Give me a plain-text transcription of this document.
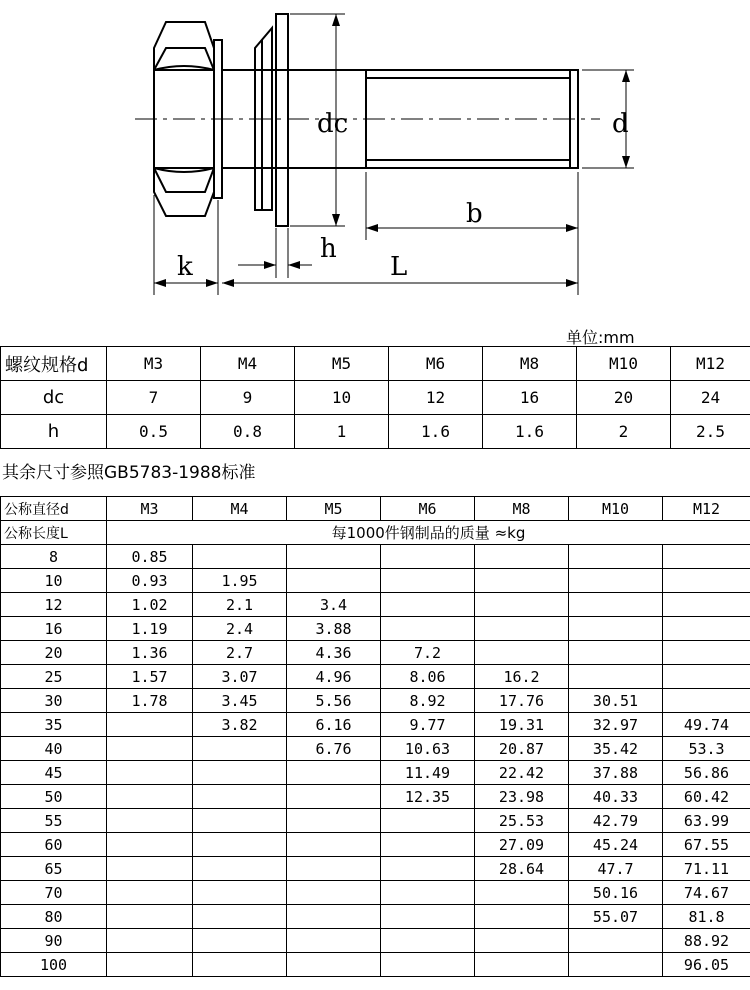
dc	d
b
k
h
L
单位:mm
螺纹规格d	M3	M4	M5	M6	M8	M10	M12
dc	7	9	10	12	16	20	24
h	0.5	0.8	1	1.6	1.6	2	2.5
其余尺寸参照GB5783-1988标准
公称直径d	M3	M4	M5	M6	M8	M10	M12
公称长度L	每1000件钢制品的质量 ≈kg						
8	0.85						
10	0.93	1.95					
12	1.02	2.1	3.4				
16	1.19	2.4	3.88				
20	1.36	2.7	4.36	7.2			
25	1.57	3.07	4.96	8.06	16.2		
30	1.78	3.45	5.56	8.92	17.76	30.51	
35		3.82	6.16	9.77	19.31	32.97	49.74
40			6.76	10.63	20.87	35.42	53.3
45				11.49	22.42	37.88	56.86
50				12.35	23.98	40.33	60.42
55					25.53	42.79	63.99
60					27.09	45.24	67.55
65					28.64	47.7	71.11
70						50.16	74.67
80						55.07	81.8
90							88.92
100							96.05
